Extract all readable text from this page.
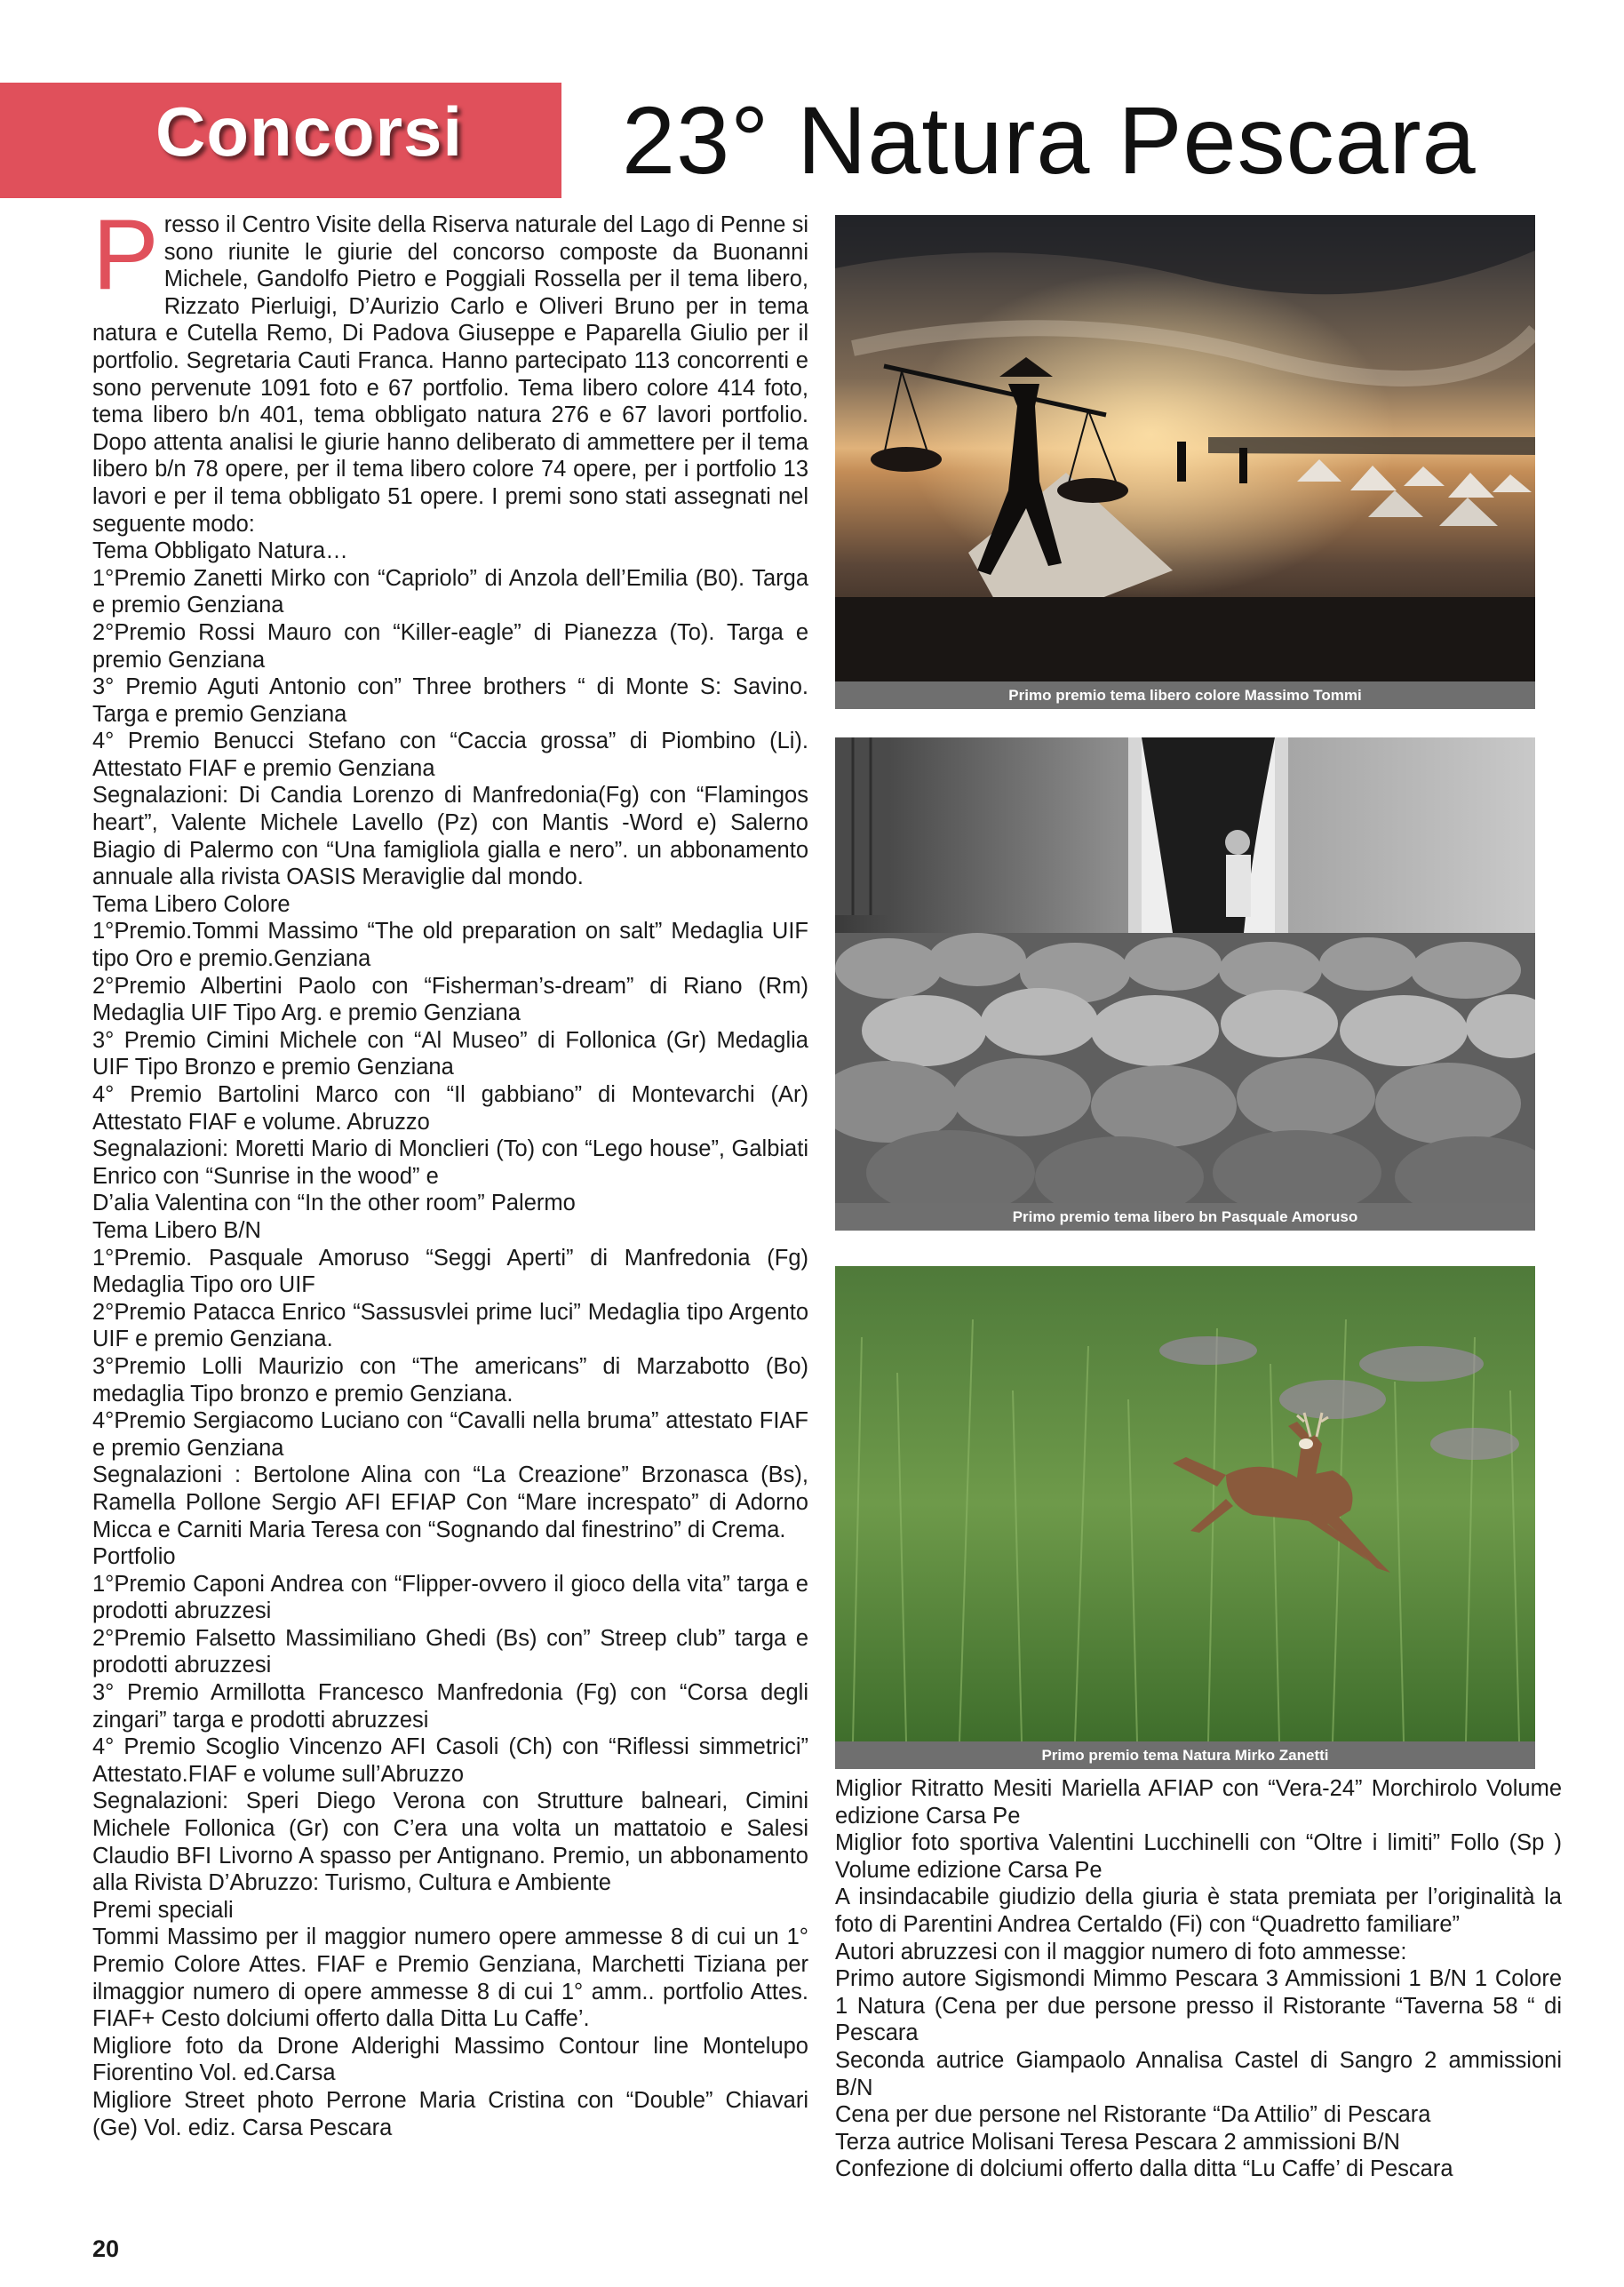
Concorsi 23° Natura Pescara
P resso il Centro Visite della Riserva naturale del Lago di Penne si sono riunite le giurie del concorso composte da Buonanni Michele, Gandolfo Pietro e Poggiali Rossella per il tema libero, Rizzato Pierluigi, D’Aurizio Carlo e Oliveri Bruno per in tema natura e Cutella Remo, Di Padova Giuseppe e Paparella Giulio per il portfolio. Segretaria Cauti Franca. Hanno partecipato 113 concorrenti e sono pervenute 1091 foto e 67 portfolio. Tema libero colore 414 foto, tema libero b/n 401, tema obbligato natura 276 e 67 lavori portfolio. Dopo attenta analisi le giurie hanno deliberato di ammettere per il tema libero b/n 78 opere, per il tema libero colore 74 opere, per i portfolio 13 lavori e per il tema obbligato 51 opere. I premi sono stati assegnati nel seguente modo:

Tema Obbligato Natura…

1°Premio Zanetti Mirko con “Capriolo” di Anzola dell’Emilia (B0). Targa e premio Genziana

2°Premio Rossi Mauro con “Killer-eagle” di Pianezza (To). Targa e premio Genziana

3° Premio Aguti Antonio con” Three brothers “ di Monte S: Savino. Targa e premio Genziana

4° Premio Benucci Stefano con “Caccia grossa” di Piombino (Li). Attestato FIAF e premio Genziana

Segnalazioni: Di Candia Lorenzo di Manfredonia(Fg) con “Flamingos heart”, Valente Michele Lavello (Pz) con Mantis -Word e) Salerno Biagio di Palermo con “Una famigliola gialla e nero”. un abbonamento annuale alla rivista OASIS Meraviglie dal mondo.

Tema Libero Colore

1°Premio.Tommi Massimo “The old preparation on salt” Medaglia UIF tipo Oro e premio.Genziana

2°Premio Albertini Paolo con “Fisherman’s-dream” di Riano (Rm) Medaglia UIF Tipo Arg. e premio Genziana

3° Premio Cimini Michele con “Al Museo” di Follonica (Gr) Medaglia UIF Tipo Bronzo e premio Genziana

4° Premio Bartolini Marco con “Il gabbiano” di Montevarchi (Ar) Attestato FIAF e volume. Abruzzo

Segnalazioni: Moretti Mario di Monclieri (To) con “Lego house”, Galbiati Enrico con “Sunrise in the wood” e

D’alia Valentina con “In the other room” Palermo

Tema Libero B/N

1°Premio. Pasquale Amoruso “Seggi Aperti” di Manfredonia (Fg) Medaglia Tipo oro UIF

2°Premio Patacca Enrico “Sassusvlei prime luci” Medaglia tipo Argento UIF e premio Genziana.

3°Premio Lolli Maurizio con “The americans” di Marzabotto (Bo) medaglia Tipo bronzo e premio Genziana.

4°Premio Sergiacomo Luciano con “Cavalli nella bruma” attestato FIAF e premio Genziana

Segnalazioni : Bertolone Alina con “La Creazione” Brzonasca (Bs), Ramella Pollone Sergio AFI EFIAP Con “Mare increspato” di Adorno Micca e Carniti Maria Teresa con “Sognando dal finestrino” di Crema.

Portfolio

1°Premio Caponi Andrea con “Flipper-ovvero il gioco della vita” targa e prodotti abruzzesi

2°Premio Falsetto Massimiliano Ghedi (Bs) con” Streep club” targa e prodotti abruzzesi

3° Premio Armillotta Francesco Manfredonia (Fg) con “Corsa degli zingari” targa e prodotti abruzzesi

4° Premio Scoglio Vincenzo AFI Casoli (Ch) con “Riflessi simmetrici” Attestato.FIAF e volume sull’Abruzzo

Segnalazioni: Speri Diego Verona con Strutture balneari, Cimini Michele Follonica (Gr) con C’era una volta un mattatoio e Salesi Claudio BFI Livorno A spasso per Antignano. Premio, un abbonamento alla Rivista D’Abruzzo: Turismo, Cultura e Ambiente

Premi speciali

Tommi Massimo per il maggior numero opere ammesse 8 di cui un 1° Premio Colore Attes. FIAF e Premio Genziana, Marchetti Tiziana per ilmaggior numero di opere ammesse 8 di cui 1° amm.. portfolio Attes. FIAF+ Cesto dolciumi offerto dalla Ditta Lu Caffe’.

Migliore foto da Drone Alderighi Massimo Contour line Montelupo Fiorentino Vol. ed.Carsa

Migliore Street photo Perrone Maria Cristina con “Double” Chiavari (Ge) Vol. ediz. Carsa Pescara

Primo premio tema libero colore Massimo Tommi
Primo premio tema libero bn Pasquale Amoruso
Primo premio tema Natura Mirko Zanetti

Miglior Ritratto Mesiti Mariella AFIAP con “Vera-24” Morchirolo Volume edizione Carsa Pe

Miglior foto sportiva Valentini Lucchinelli con “Oltre i limiti” Follo (Sp ) Volume edizione Carsa Pe

A insindacabile giudizio della giuria è stata premiata per l’originalità la foto di Parentini Andrea Certaldo (Fi) con “Quadretto familiare”

Autori abruzzesi con il maggior numero di foto ammesse:

Primo autore Sigismondi Mimmo Pescara 3 Ammissioni 1 B/N 1 Colore 1 Natura (Cena per due persone presso il Ristorante “Taverna 58 “ di Pescara

Seconda autrice Giampaolo Annalisa Castel di Sangro 2 ammissioni B/N

Cena per due persone nel Ristorante “Da Attilio” di Pescara

Terza autrice Molisani Teresa Pescara 2 ammissioni B/N

Confezione di dolciumi offerto dalla ditta “Lu Caffe’ di Pescara

20
